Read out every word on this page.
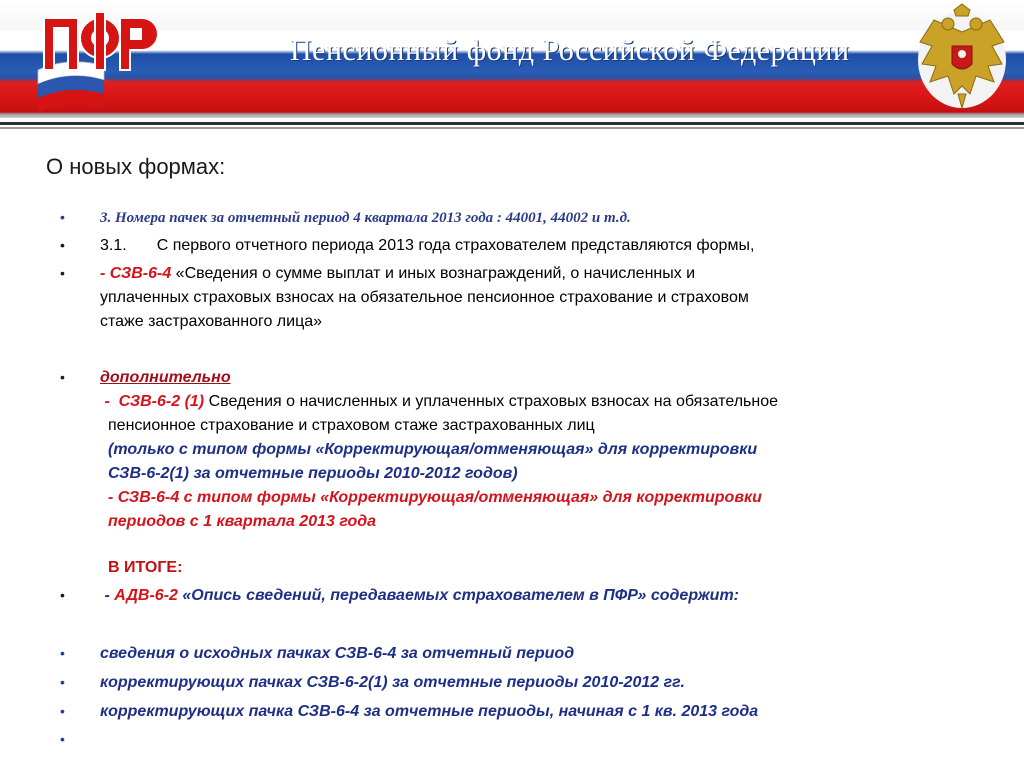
Пенсионный фонд Российской Федерации
О новых формах:
• 3. Номера пачек за отчетный период 4 квартала 2013 года : 44001, 44002 и т.д.
• 3.1. С первого отчетного периода 2013 года страхователем представляются формы,
• - СЗВ-6-4 «Сведения о сумме выплат и иных вознаграждений, о начисленных и
уплаченных страховых взносах на обязательное пенсионное страхование и страховом
стаже застрахованного лица»
• дополнительно
-  СЗВ-6-2 (1) Сведения о начисленных и уплаченных страховых взносах на обязательное
пенсионное страхование и страховом стаже застрахованных лиц
(только с типом формы «Корректирующая/отменяющая» для корректировки
СЗВ-6-2(1) за отчетные периоды 2010-2012 годов)
- СЗВ-6-4 с типом формы «Корректирующая/отменяющая» для корректировки
периодов с 1 квартала 2013 года
В ИТОГЕ:
• - АДВ-6-2 «Опись сведений, передаваемых страхователем в ПФР» содержит:
• сведения о исходных пачках СЗВ-6-4 за отчетный период
• корректирующих пачках СЗВ-6-2(1) за отчетные периоды 2010-2012 гг.
• корректирующих пачка СЗВ-6-4 за отчетные периоды, начиная с 1 кв. 2013 года
•
